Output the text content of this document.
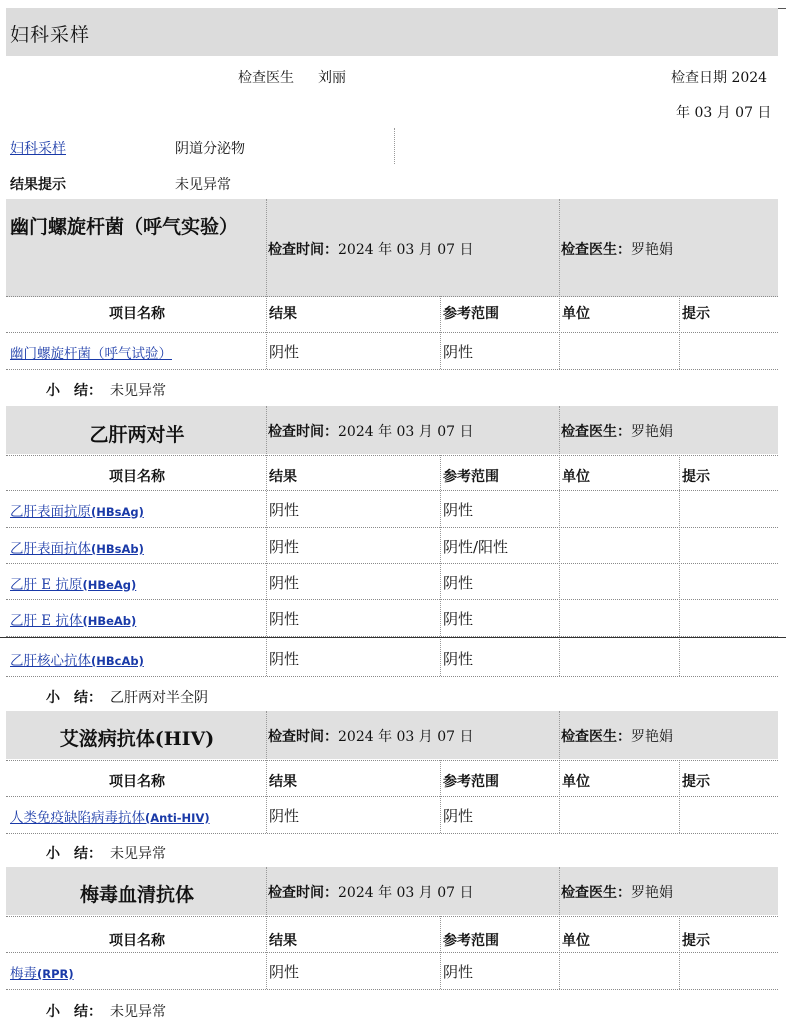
妇科采样
检查医生 刘丽	检查日期 2024
年 03 月 07 日
妇科采样	阴道分泌物
结果提示	未见异常
幽门螺旋杆菌（呼气实验）
检查时间：2024 年 03 月 07 日	检查医生：罗艳娟
项目名称	结果	参考范围	单位	提示
幽门螺旋杆菌（呼气试验）	阴性	阴性
小　结： 未见异常
乙肝两对半	检查时间：2024 年 03 月 07 日	检查医生：罗艳娟
项目名称	结果	参考范围	单位	提示
乙肝表面抗原(HBsAg)	阴性	阴性
乙肝表面抗体(HBsAb)	阴性	阴性/阳性
乙肝 E 抗原(HBeAg)	阴性	阴性
乙肝 E 抗体(HBeAb)	阴性	阴性
乙肝核心抗体(HBcAb)	阴性	阴性
小　结： 乙肝两对半全阴
艾滋病抗体(HIV)	检查时间：2024 年 03 月 07 日	检查医生：罗艳娟
项目名称	结果	参考范围	单位	提示
人类免疫缺陷病毒抗体(Anti-HIV)	阴性	阴性
小　结： 未见异常
梅毒血清抗体	检查时间：2024 年 03 月 07 日	检查医生：罗艳娟
项目名称	结果	参考范围	单位	提示
梅毒(RPR)	阴性	阴性
小　结： 未见异常
